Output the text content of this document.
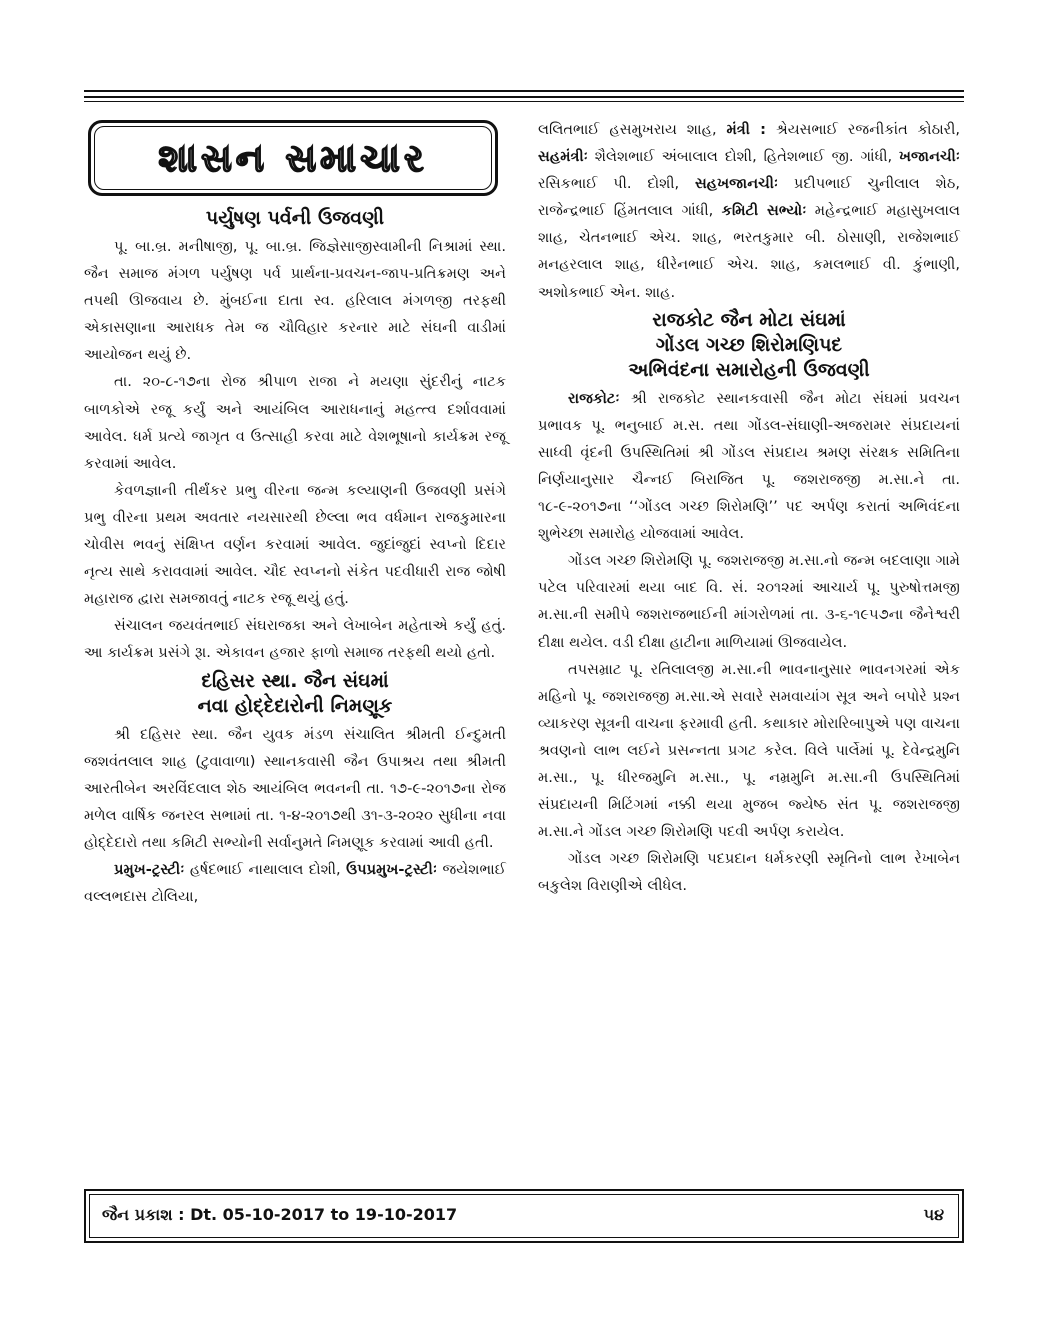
શાસન સમાચાર
પર્યુષણ પર્વની ઉજવણી

પૂ. બા.બ્ર. મનીષાજી, પૂ. બા.બ્ર. જિજ્ઞેસાજીસ્વામીની નિશ્રામાં સ્થા. જૈન સમાજ મંગળ પર્યુષણ પર્વ પ્રાર્થના-પ્રવચન-જાપ-પ્રતિક્રમણ અને તપથી ઊજવાય છે. મુંબઈના દાતા સ્વ. હરિલાલ મંગળજી તરફથી એકાસણાના આરાધક તેમ જ ચૌવિહાર કરનાર માટે સંઘની વાડીમાં આયોજન થયું છે.

તા. ૨૦-૮-૧૭ના રોજ શ્રીપાળ રાજા ને મયણા સુંદરીનું નાટક બાળકોએ રજૂ કર્યું અને આયંબિલ આરાધનાનું મહત્ત્વ દર્શાવવામાં આવેલ. ધર્મ પ્રત્યે જાગૃત વ ઉત્સાહી કરવા માટે વેશભૂષાનો કાર્યક્રમ રજૂ કરવામાં આવેલ.

કેવળજ્ઞાની તીર્થંકર પ્રભુ વીરના જન્મ કલ્યાણની ઉજવણી પ્રસંગે પ્રભુ વીરના પ્રથમ અવતાર નયસારથી છેલ્લા ભવ વર્ધમાન રાજકુમારના ચોવીસ ભવનું સંક્ષિપ્ત વર્ણન કરવામાં આવેલ. જુદાંજુદાં સ્વપ્નો દિદાર નૃત્ય સાથે કરાવવામાં આવેલ. ચૌદ સ્વપ્નનો સંકેત પદવીધારી રાજ જોષી મહારાજ દ્વારા સમજાવતું નાટક રજૂ થયું હતું.

સંચાલન જયવંતભાઈ સંઘરાજકા અને લેખાબેન મહેતાએ કર્યું હતું. આ કાર્યક્રમ પ્રસંગે રૂા. એકાવન હજાર ફાળો સમાજ તરફથી થયો હતો.

દહિસર સ્થા. જૈન સંઘમાં
નવા હોદ્દેદારોની નિમણૂક

શ્રી દહિસર સ્થા. જૈન યુવક મંડળ સંચાલિત શ્રીમતી ઈન્દુમતી જશવંતલાલ શાહ (ટુવાવાળા) સ્થાનકવાસી જૈન ઉપાશ્રય તથા શ્રીમતી આરતીબેન અરવિંદલાલ શેઠ આયંબિલ ભવનની તા. ૧૭-૯-૨૦૧૭ના રોજ મળેલ વાર્ષિક જનરલ સભામાં તા. ૧-૪-૨૦૧૭થી ૩૧-૩-૨૦૨૦ સુધીના નવા હોદ્દેદારો તથા કમિટી સભ્યોની સર્વાનુમતે નિમણૂક કરવામાં આવી હતી.

પ્રમુખ-ટ્રસ્ટીઃ હર્ષદભાઈ નાથાલાલ દોશી, ઉપપ્રમુખ-ટ્રસ્ટીઃ જયેશભાઈ વલ્લભદાસ ટોલિયા,

લલિતભાઈ હસમુખરાય શાહ, મંત્રી : શ્રેયસભાઈ રજનીકાંત કોઠારી, સહમંત્રીઃ શૈલેશભાઈ અંબાલાલ દોશી, હિતેશભાઈ જી. ગાંધી, ખજાનચીઃ રસિકભાઈ પી. દોશી, સહખજાનચીઃ પ્રદીપભાઈ ચુનીલાલ શેઠ, રાજેન્દ્રભાઈ હિંમતલાલ ગાંધી, કમિટી સભ્યોઃ મહેન્દ્રભાઈ મહાસુખલાલ શાહ, ચેતનભાઈ એચ. શાહ, ભરતકુમાર બી. ઠોસાણી, રાજેશભાઈ મનહરલાલ શાહ, ધીરેનભાઈ એચ. શાહ, કમલભાઈ વી. કુંભાણી, અશોકભાઈ એન. શાહ.

રાજકોટ જૈન મોટા સંઘમાં
ગોંડલ ગચ્છ શિરોમણિપદ
અભિવંદના સમારોહની ઉજવણી

રાજકોટઃ શ્રી રાજકોટ સ્થાનકવાસી જૈન મોટા સંઘમાં પ્રવચન પ્રભાવક પૂ. ભનુબાઈ મ.સ. તથા ગોંડલ-સંઘાણી-અજરામર સંપ્રદાયનાં સાધ્વી વૃંદની ઉપસ્થિતિમાં શ્રી ગોંડલ સંપ્રદાય શ્રમણ સંરક્ષક સમિતિના નિર્ણયાનુસાર ચૈન્નઈ બિરાજિત પૂ. જશરાજજી મ.સા.ને તા. ૧૮-૯-૨૦૧૭ના ‘‘ગોંડલ ગચ્છ શિરોમણિ’’ પદ અર્પણ કરાતાં અભિવંદના શુભેચ્છા સમારોહ યોજવામાં આવેલ.

ગોંડલ ગચ્છ શિરોમણિ પૂ. જશરાજજી મ.સા.નો જન્મ બદલાણા ગામે પટેલ પરિવારમાં થયા બાદ વિ. સં. ૨૦૧૨માં આચાર્ય પૂ. પુરુષોત્તમજી મ.સા.ની સમીપે જશરાજભાઈની માંગરોળમાં તા. ૩-૬-૧૯૫૭ના જૈનેશ્વરી દીક્ષા થયેલ. વડી દીક્ષા હાટીના માળિયામાં ઊજવાયેલ.

તપસમ્રાટ પૂ. રતિલાલજી મ.સા.ની ભાવનાનુસાર ભાવનગરમાં એક મહિનો પૂ. જશરાજજી મ.સા.એ સવારે સમવાયાંગ સૂત્ર અને બપોરે પ્રશ્ન વ્યાકરણ સૂત્રની વાચના ફરમાવી હતી. કથાકાર મોરારિબાપુએ પણ વાચના શ્રવણનો લાભ લઈને પ્રસન્નતા પ્રગટ કરેલ. વિલે પાર્લેમાં પૂ. દેવેન્દ્રમુનિ મ.સા., પૂ. ધીરજમુનિ મ.સા., પૂ. નમ્રમુનિ મ.સા.ની ઉપસ્થિતિમાં સંપ્રદાયની મિટિંગમાં નક્કી થયા મુજબ જ્યેષ્ઠ સંત પૂ. જશરાજજી મ.સા.ને ગોંડલ ગચ્છ શિરોમણિ પદવી અર્પણ કરાયેલ.

ગોંડલ ગચ્છ શિરોમણિ પદપ્રદાન ધર્મકરણી સ્મૃતિનો લાભ રેખાબેન બકુલેશ વિરાણીએ લીધેલ.

જૈન પ્રકાશ : Dt. 05-10-2017 to 19-10-2017	૫૪
